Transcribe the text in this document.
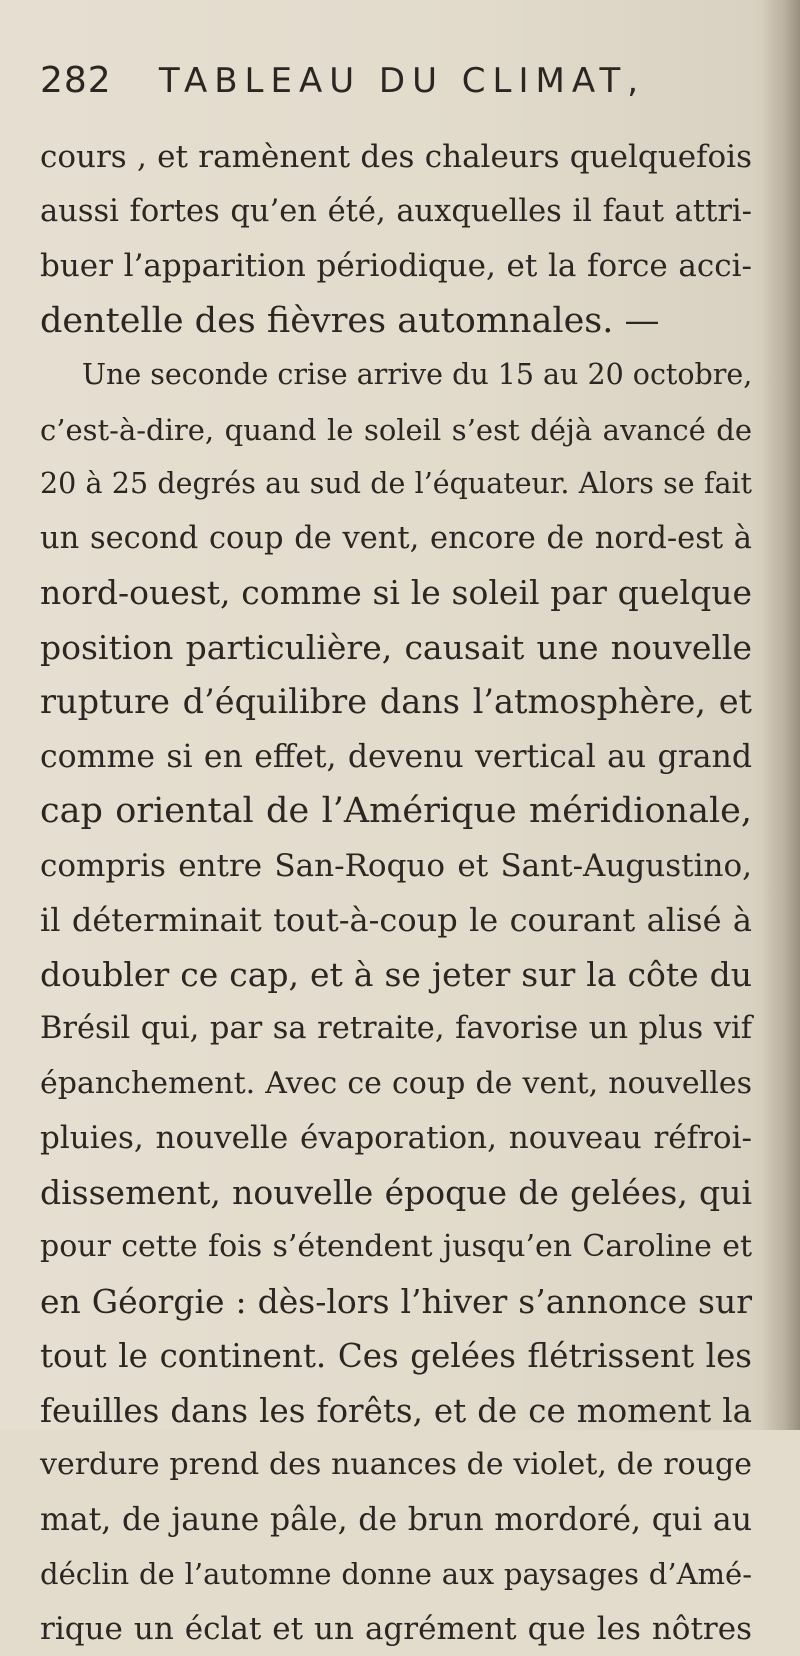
282 TABLEAU DU CLIMAT,
cours , et ramènent des chaleurs quelquefois
aussi fortes qu’en été, auxquelles il faut attri-
buer l’apparition périodique, et la force acci-
dentelle des fièvres automnales. —
Une seconde crise arrive du 15 au 20 octobre,
c’est-à-dire, quand le soleil s’est déjà avancé de
20 à 25 degrés au sud de l’équateur. Alors se fait
un second coup de vent, encore de nord-est à
nord-ouest, comme si le soleil par quelque
position particulière, causait une nouvelle
rupture d’équilibre dans l’atmosphère, et
comme si en effet, devenu vertical au grand
cap oriental de l’Amérique méridionale,
compris entre San-Roquo et Sant-Augustino,
il déterminait tout-à-coup le courant alisé à
doubler ce cap, et à se jeter sur la côte du
Brésil qui, par sa retraite, favorise un plus vif
épanchement. Avec ce coup de vent, nouvelles
pluies, nouvelle évaporation, nouveau réfroi-
dissement, nouvelle époque de gelées, qui
pour cette fois s’étendent jusqu’en Caroline et
en Géorgie : dès-lors l’hiver s’annonce sur
tout le continent. Ces gelées flétrissent les
feuilles dans les forêts, et de ce moment la
verdure prend des nuances de violet, de rouge
mat, de jaune pâle, de brun mordoré, qui au
déclin de l’automne donne aux paysages d’Amé-
rique un éclat et un agrément que les nôtres
